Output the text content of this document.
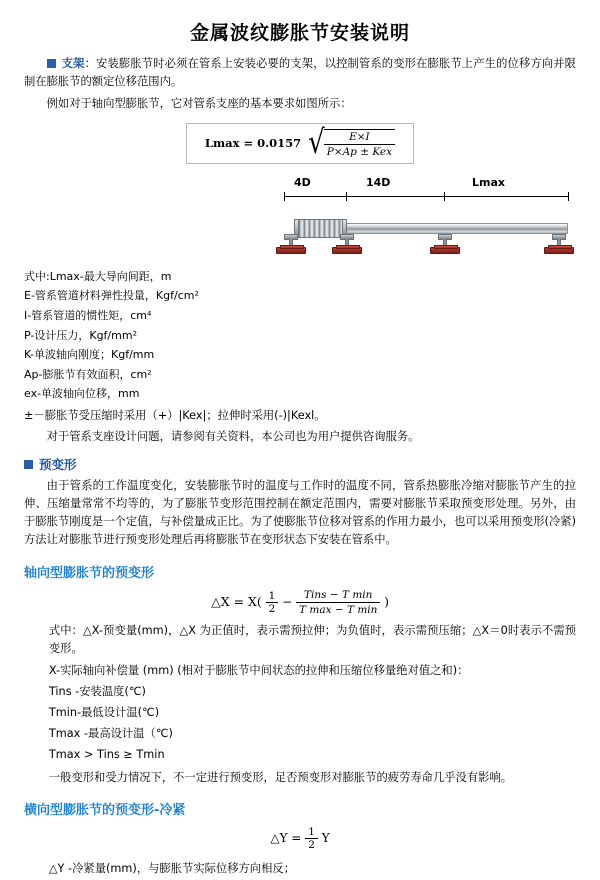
金属波纹膨胀节安装说明
支架：安装膨胀节时必须在管系上安装必要的支架，以控制管系的变形在膨胀节上产生的位移方向并限制在膨胀节的额定位移范围内。
例如对于轴向型膨胀节，它对管系支座的基本要求如图所示：
Lmax = 0.0157 √ $\frac{E\times I}{\text{P×Ap ± Kex}}$
4D	14D	Lmax
式中:Lmax-最大导向间距，m
E-管系管道材料弹性投量，Kgf/cm²
I-管系管道的惯性矩，cm⁴
P-设计压力，Kgf/mm²
K-单波轴向刚度；Kgf/mm
Ap-膨胀节有效面积，cm²
ex-单波轴向位移，mm
±－膨胀节受压缩时采用（+）|Kex|；拉伸时采用(-)|Kexl。
对于管系支座设计问题，请参阅有关资料，本公司也为用户提供咨询服务。
预变形
由于管系的工作温度变化，安装膨胀节时的温度与工作时的温度不同，管系热膨胀冷缩对膨胀节产生的拉伸、压缩量常常不均等的，为了膨胀节变形范围控制在额定范围内，需要对膨胀节采取预变形处理。另外，由于膨胀节刚度是一个定值，与补偿量成正比。为了使膨胀节位移对管系的作用力最小，也可以采用预变形(冷紧)方法让对膨胀节进行预变形处理后再将膨胀节在变形状态下安装在管系中。
轴向型膨胀节的预变形
△X = $X( \frac{1}{2} - \frac{\text{Tins − T min}}{\text{T max − T min}}$ )
式中：△X-预变量(mm)，△X 为正值时，表示需预拉伸；为负值时，表示需预压缩；△X＝0时表示不需预变形。
X-实际轴向补偿量 (mm) (相对于膨胀节中间状态的拉伸和压缩位移量绝对值之和)：
Tins -安装温度(℃)
Tmin-最低设计温(℃)
Tmax -最高设计温（℃)
Tmax > Tins ≥ Tmin
一般变形和受力情况下，不一定进行预变形，足否预变形对膨胀节的疲劳寿命几乎没有影响。
横向型膨胀节的预变形-冷紧
△Y = $\frac{1}{2}$ Y
△Y -冷紧量(mm)，与膨胀节实际位移方向相反；
